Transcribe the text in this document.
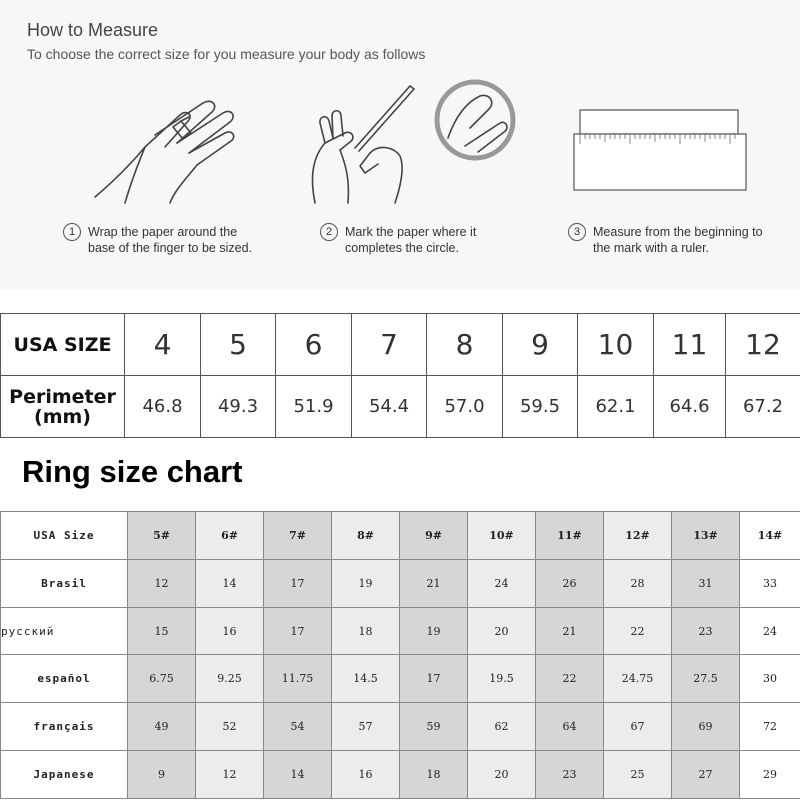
How to Measure
To choose the correct size for you measure your body as follows
1	Wrap the paper around the
base of the finger to be sized.
2	Mark the paper where it
completes the circle.
3	Measure from the beginning to
the mark with a ruler.
USA SIZE	4	5	6	7	8	9	10	11	12
Perimeter
(mm)	46.8	49.3	51.9	54.4	57.0	59.5	62.1	64.6	67.2
Ring size chart
USA Size	5#	6#	7#	8#	9#	10#	11#	12#	13#	14#
Brasil	12	14	17	19	21	24	26	28	31	33
русский	15	16	17	18	19	20	21	22	23	24
español	6.75	9.25	11.75	14.5	17	19.5	22	24.75	27.5	30
français	49	52	54	57	59	62	64	67	69	72
Japanese	9	12	14	16	18	20	23	25	27	29
